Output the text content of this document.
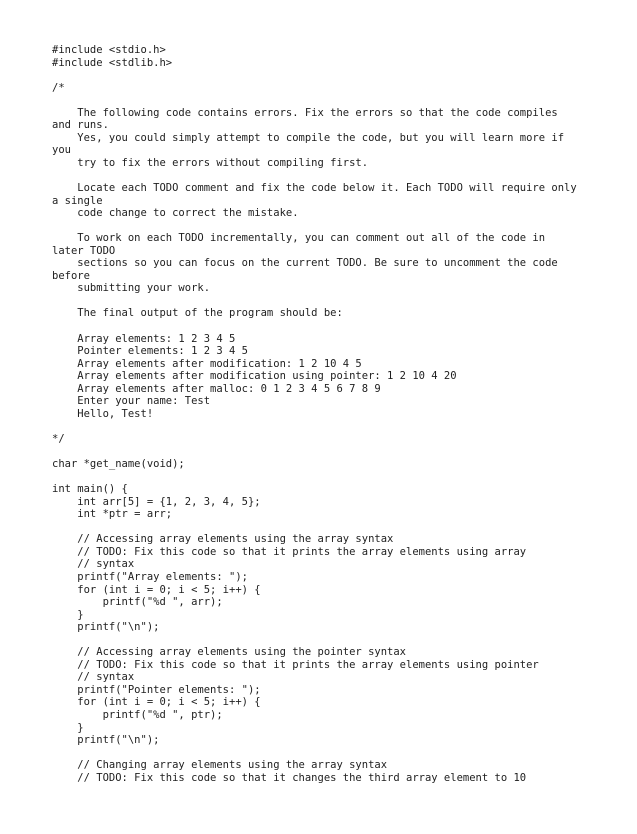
#include <stdio.h>
#include <stdlib.h>
/*
The following code contains errors. Fix the errors so that the code compiles
and runs.
Yes, you could simply attempt to compile the code, but you will learn more if
you
try to fix the errors without compiling first.
Locate each TODO comment and fix the code below it. Each TODO will require only
a single
code change to correct the mistake.
To work on each TODO incrementally, you can comment out all of the code in
later TODO
sections so you can focus on the current TODO. Be sure to uncomment the code
before
submitting your work.
The final output of the program should be:
Array elements: 1 2 3 4 5
Pointer elements: 1 2 3 4 5
Array elements after modification: 1 2 10 4 5
Array elements after modification using pointer: 1 2 10 4 20
Array elements after malloc: 0 1 2 3 4 5 6 7 8 9
Enter your name: Test
Hello, Test!
*/
char *get_name(void);
int main() {
int arr[5] = {1, 2, 3, 4, 5};
int *ptr = arr;
// Accessing array elements using the array syntax
// TODO: Fix this code so that it prints the array elements using array
// syntax
printf("Array elements: ");
for (int i = 0; i < 5; i++) {
printf("%d ", arr);
}
printf("\n");
// Accessing array elements using the pointer syntax
// TODO: Fix this code so that it prints the array elements using pointer
// syntax
printf("Pointer elements: ");
for (int i = 0; i < 5; i++) {
printf("%d ", ptr);
}
printf("\n");
// Changing array elements using the array syntax
// TODO: Fix this code so that it changes the third array element to 10
